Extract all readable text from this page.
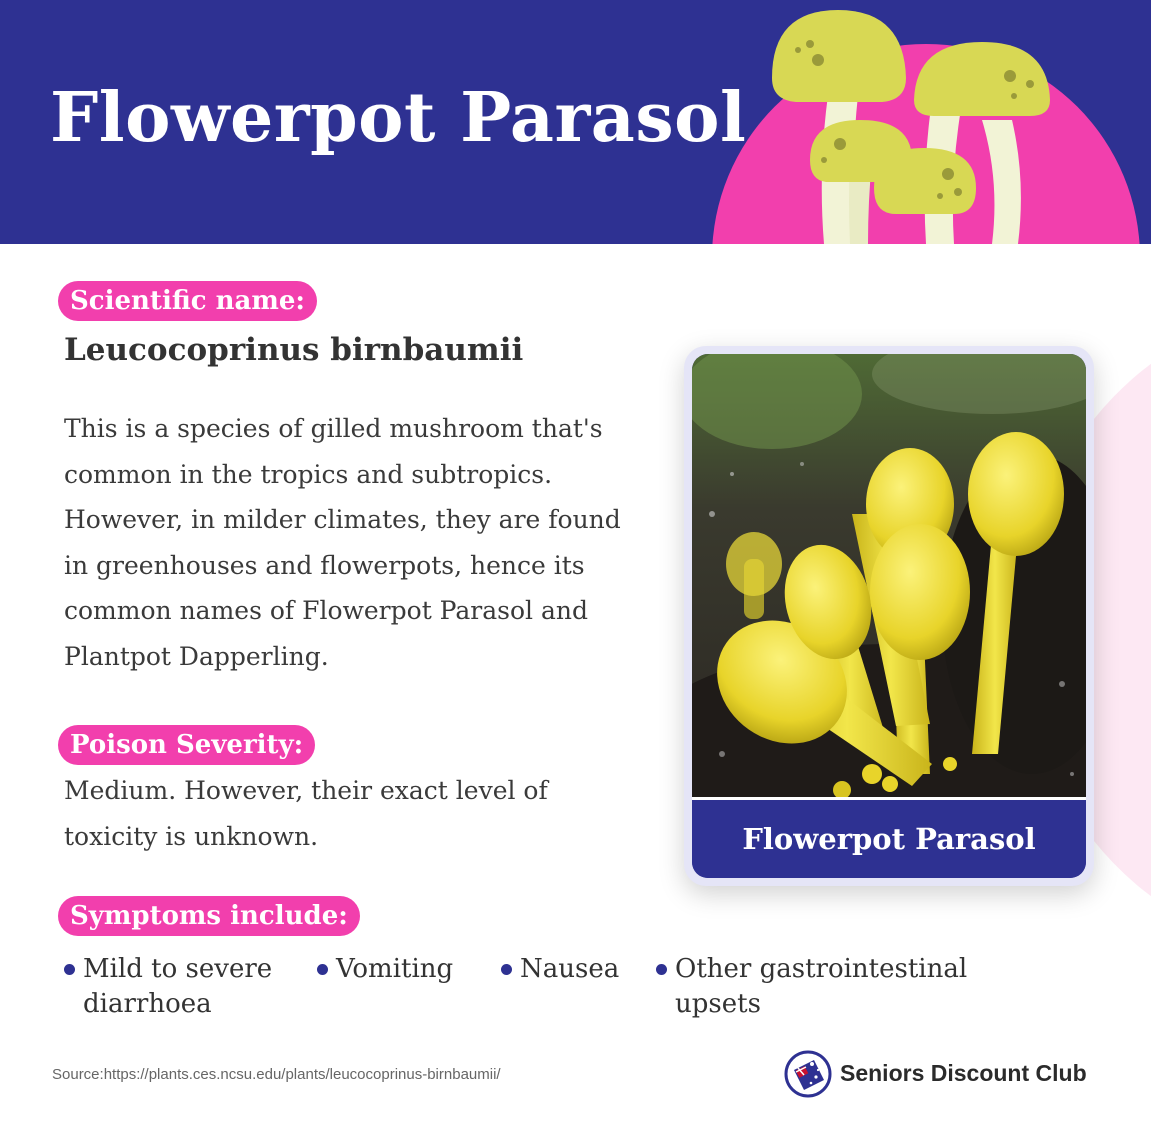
Flowerpot Parasol
Scientific name:
Leucocoprinus birnbaumii
This is a species of gilled mushroom that's
common in the tropics and subtropics.
However, in milder climates, they are found
in greenhouses and flowerpots, hence its
common names of Flowerpot Parasol and
Plantpot Dapperling.
Poison Severity:
Medium. However, their exact level of
toxicity is unknown.
Symptoms include:
Mild to severe
diarrhoea
Vomiting	Nausea Other gastrointestinal
upsets
Flowerpot Parasol
Source:https://plants.ces.ncsu.edu/plants/leucocoprinus-birnbaumii/	Seniors Discount Club
